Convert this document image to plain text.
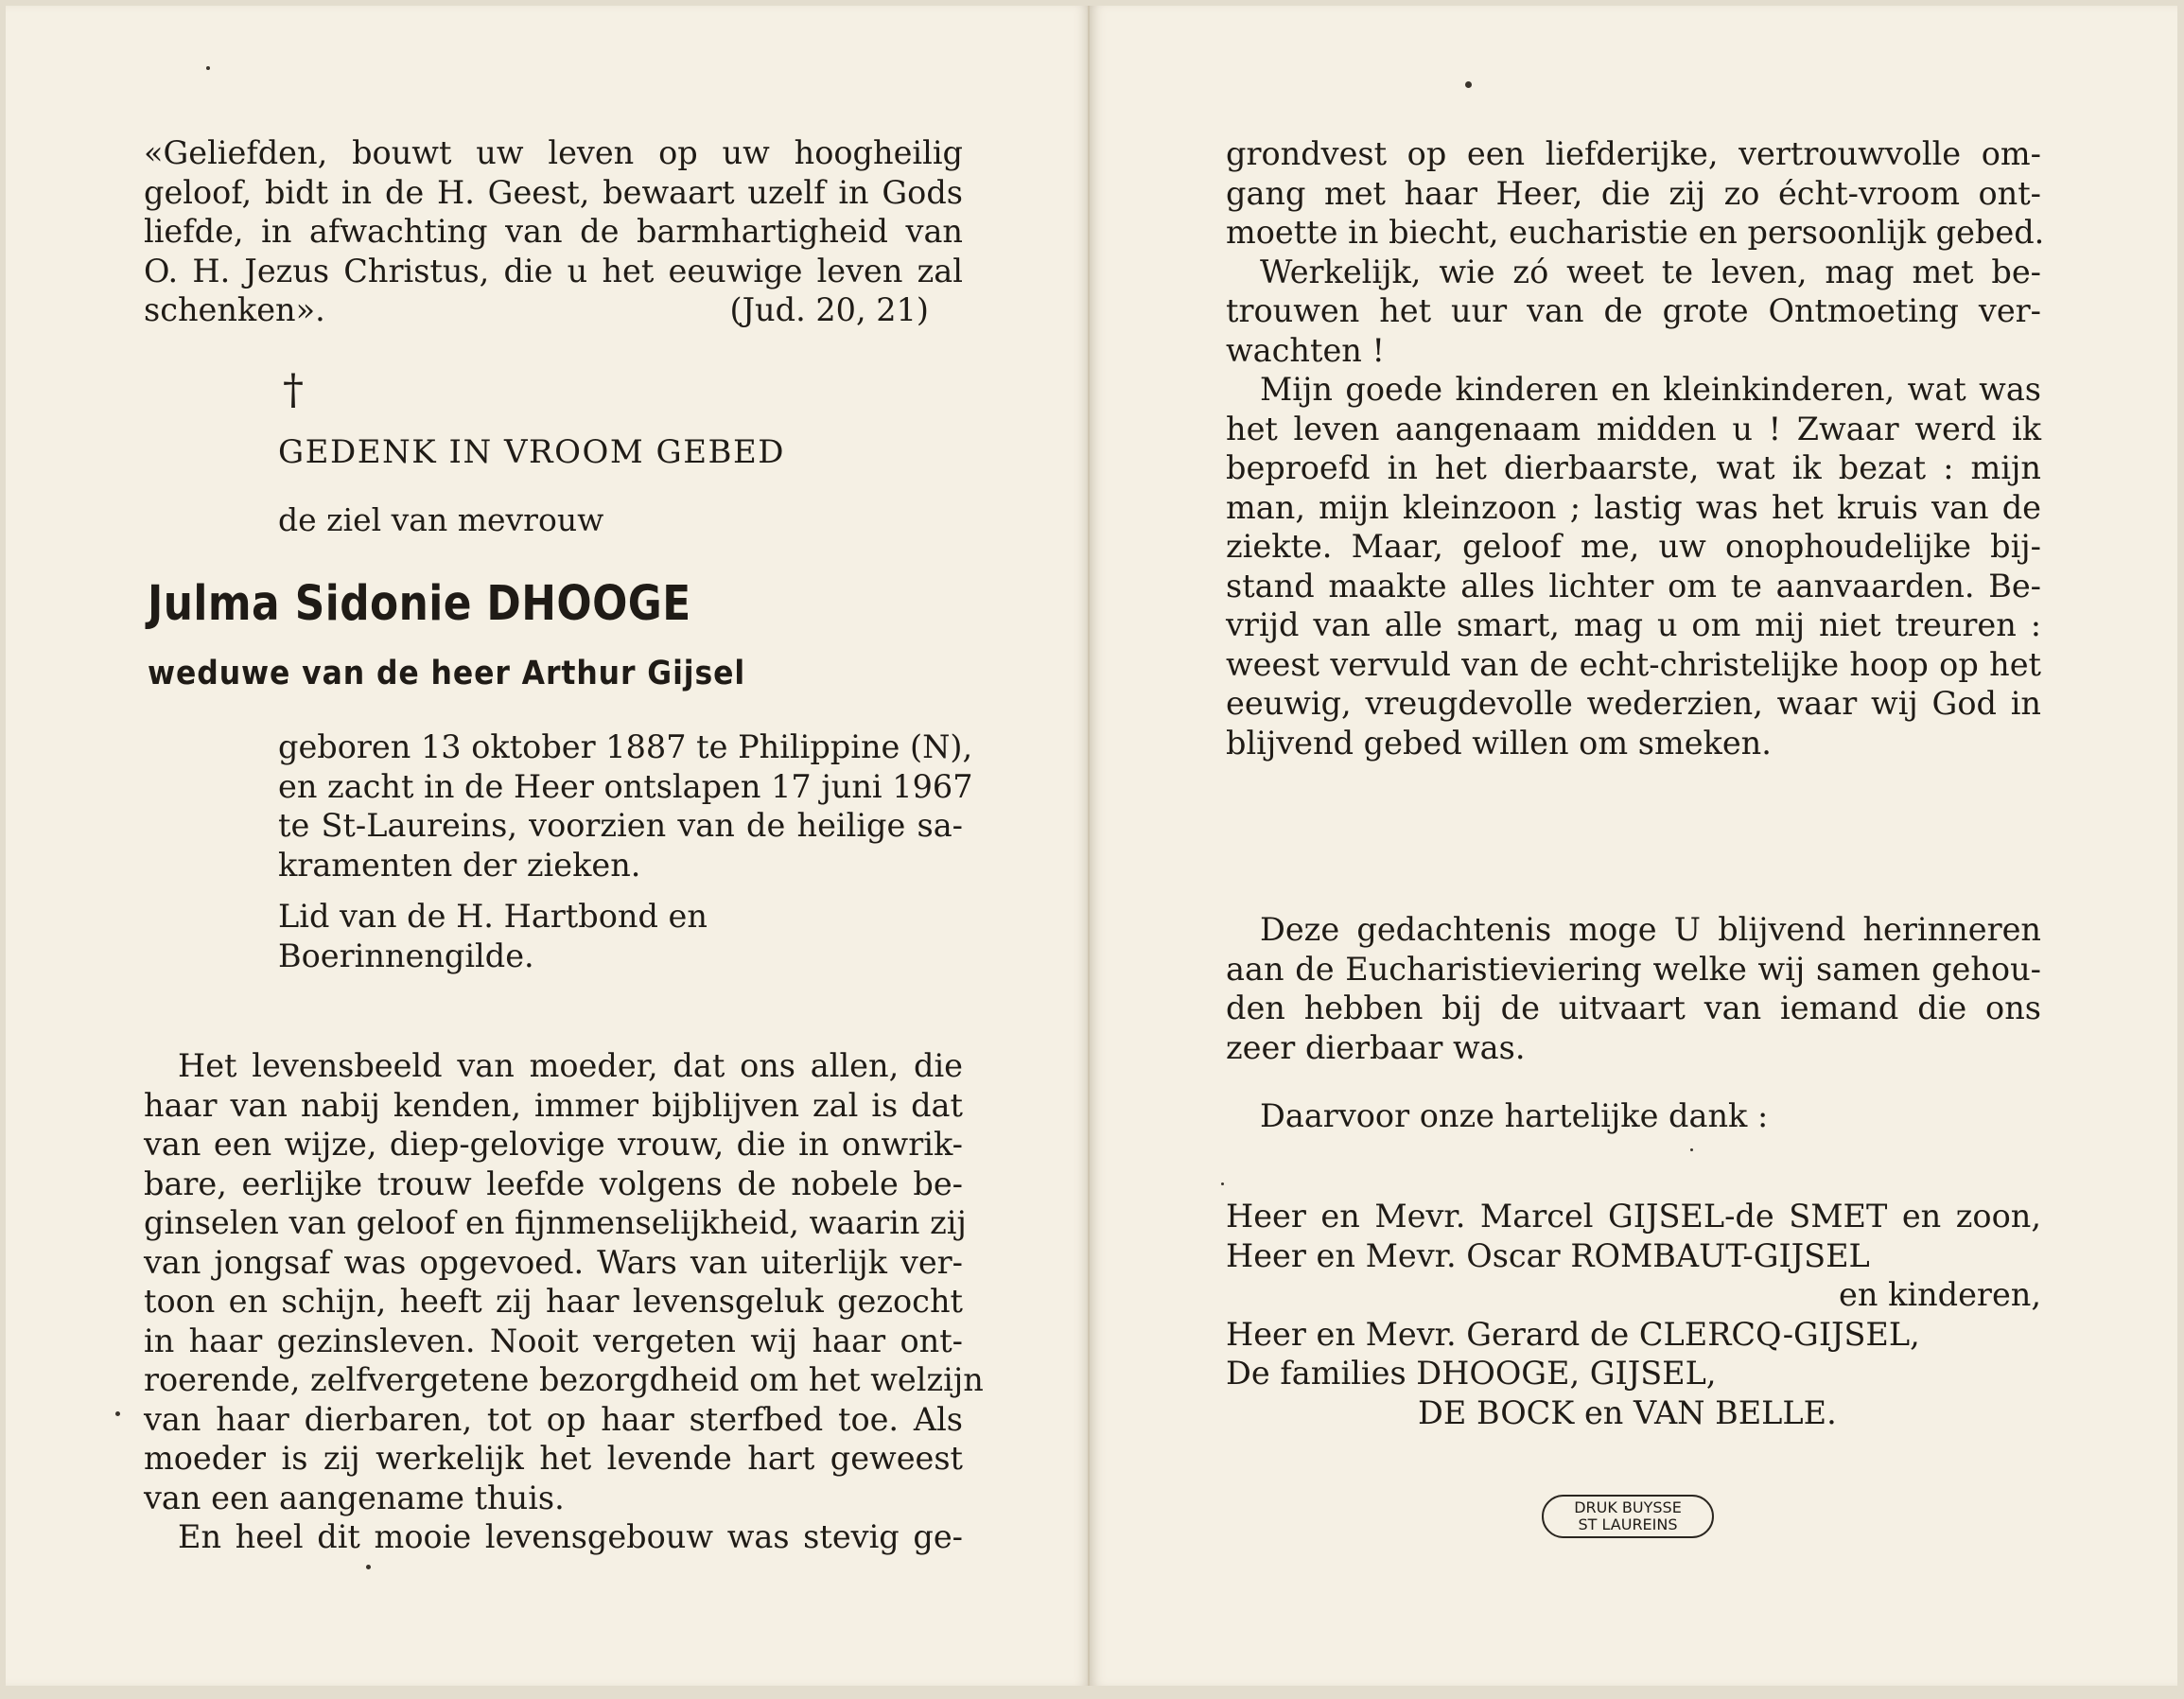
«Geliefden, bouwt uw leven op uw hoogheilig
geloof, bidt in de H. Geest, bewaart uzelf in Gods
liefde, in afwachting van de barmhartigheid van
O. H. Jezus Christus, die u het eeuwige leven zal
schenken».	(Jud. 20, 21)
†
GEDENK IN VROOM GEBED
de ziel van mevrouw
Julma Sidonie DHOOGE
weduwe van de heer Arthur Gijsel
geboren 13 oktober 1887 te Philippine (N),
en zacht in de Heer ontslapen 17 juni 1967
te St-Laureins, voorzien van de heilige sa-
kramenten der zieken.
Lid van de H. Hartbond en
Boerinnengilde.
Het levensbeeld van moeder, dat ons allen, die
haar van nabij kenden, immer bijblijven zal is dat
van een wijze, diep-gelovige vrouw, die in onwrik-
bare, eerlijke trouw leefde volgens de nobele be-
ginselen van geloof en fijnmenselijkheid, waarin zij
van jongsaf was opgevoed. Wars van uiterlijk ver-
toon en schijn, heeft zij haar levensgeluk gezocht
in haar gezinsleven. Nooit vergeten wij haar ont-
roerende, zelfvergetene bezorgdheid om het welzijn
van haar dierbaren, tot op haar sterfbed toe. Als
moeder is zij werkelijk het levende hart geweest
van een aangename thuis.
En heel dit mooie levensgebouw was stevig ge-
grondvest op een liefderijke, vertrouwvolle om-
gang met haar Heer, die zij zo écht-vroom ont-
moette in biecht, eucharistie en persoonlijk gebed.
Werkelijk, wie zó weet te leven, mag met be-
trouwen het uur van de grote Ontmoeting ver-
wachten !
Mijn goede kinderen en kleinkinderen, wat was
het leven aangenaam midden u ! Zwaar werd ik
beproefd in het dierbaarste, wat ik bezat : mijn
man, mijn kleinzoon ; lastig was het kruis van de
ziekte. Maar, geloof me, uw onophoudelijke bij-
stand maakte alles lichter om te aanvaarden. Be-
vrijd van alle smart, mag u om mij niet treuren :
weest vervuld van de echt-christelijke hoop op het
eeuwig, vreugdevolle wederzien, waar wij God in
blijvend gebed willen om smeken.
Deze gedachtenis moge U blijvend herinneren
aan de Eucharistieviering welke wij samen gehou-
den hebben bij de uitvaart van iemand die ons
zeer dierbaar was.
Daarvoor onze hartelijke dank :
Heer en Mevr. Marcel GIJSEL-de SMET en zoon,
Heer en Mevr. Oscar ROMBAUT-GIJSEL
en kinderen,
Heer en Mevr. Gerard de CLERCQ-GIJSEL,
De families DHOOGE, GIJSEL,
DE BOCK en VAN BELLE.
DRUK BUYSSE
ST LAUREINS
